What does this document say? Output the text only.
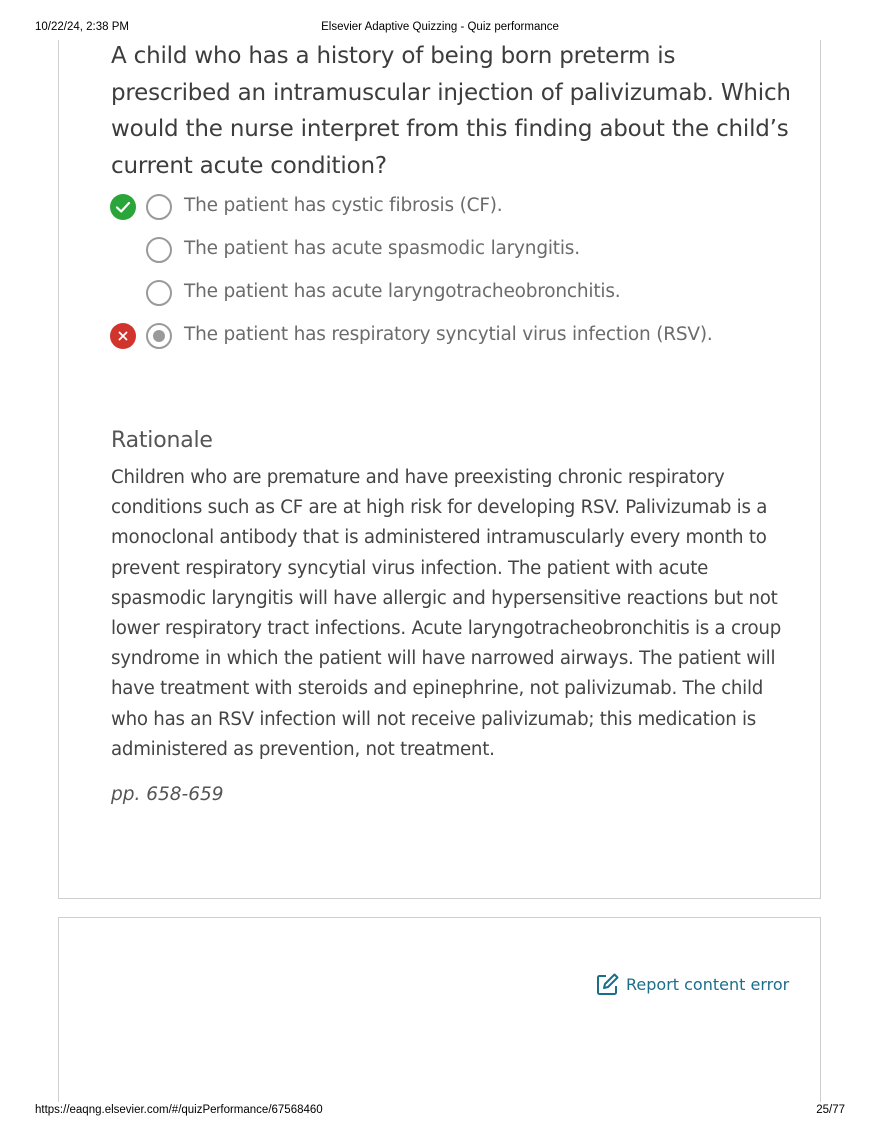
10/22/24, 2:38 PM	Elsevier Adaptive Quizzing - Quiz performance
A child who has a history of being born preterm is prescribed an intramuscular injection of palivizumab. Which would the nurse interpret from this finding about the child’s current acute condition?
The patient has cystic fibrosis (CF).
The patient has acute spasmodic laryngitis.
The patient has acute laryngotracheobronchitis.
The patient has respiratory syncytial virus infection (RSV).
Rationale
Children who are premature and have preexisting chronic respiratory conditions such as CF are at high risk for developing RSV. Palivizumab is a monoclonal antibody that is administered intramuscularly every month to prevent respiratory syncytial virus infection. The patient with acute spasmodic laryngitis will have allergic and hypersensitive reactions but not lower respiratory tract infections. Acute laryngotracheobronchitis is a croup syndrome in which the patient will have narrowed airways. The patient will have treatment with steroids and epinephrine, not palivizumab. The child who has an RSV infection will not receive palivizumab; this medication is administered as prevention, not treatment.
pp. 658-659
Report content error
https://eaqng.elsevier.com/#/quizPerformance/67568460	25/77
